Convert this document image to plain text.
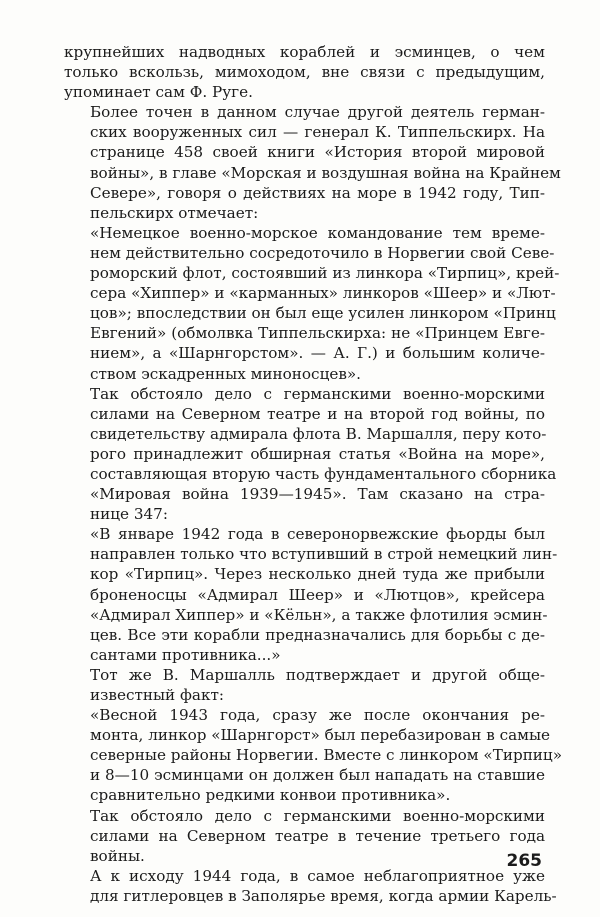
крупнейших надводных кораблей и эсминцев, о чем
только вскользь, мимоходом, вне связи с предыдущим,
упоминает сам Ф. Руге.
Более точен в данном случае другой деятель герман-
ских вооруженных сил — генерал К. Типпельскирх. На
странице 458 своей книги «История второй мировой
войны», в главе «Морская и воздушная война на Крайнем
Севере», говоря о действиях на море в 1942 году, Тип-
пельскирх отмечает:
«Немецкое военно-морское командование тем време-
нем действительно сосредоточило в Норвегии свой Севе-
роморский флот, состоявший из линкора «Тирпиц», крей-
сера «Хиппер» и «карманных» линкоров «Шеер» и «Лют-
цов»; впоследствии он был еще усилен линкором «Принц
Евгений» (обмолвка Типпельскирха: не «Принцем Евге-
нием», а «Шарнгорстом». — А. Г.) и большим количе-
ством эскадренных миноносцев».
Так обстояло дело с германскими военно-морскими
силами на Северном театре и на второй год войны, по
свидетельству адмирала флота В. Маршалля, перу кото-
рого принадлежит обширная статья «Война на море»,
составляющая вторую часть фундаментального сборника
«Мировая война 1939—1945». Там сказано на стра-
нице 347:
«В январе 1942 года в северонорвежские фьорды был
направлен только что вступивший в строй немецкий лин-
кор «Тирпиц». Через несколько дней туда же прибыли
броненосцы «Адмирал Шеер» и «Лютцов», крейсера
«Адмирал Хиппер» и «Кёльн», а также флотилия эсмин-
цев. Все эти корабли предназначались для борьбы с де-
сантами противника...»
Тот же В. Маршалль подтверждает и другой обще-
известный факт:
«Весной 1943 года, сразу же после окончания ре-
монта, линкор «Шарнгорст» был перебазирован в самые
северные районы Норвегии. Вместе с линкором «Тирпиц»
и 8—10 эсминцами он должен был нападать на ставшие
сравнительно редкими конвои противника».
Так обстояло дело с германскими военно-морскими
силами на Северном театре в течение третьего года
войны.
А к исходу 1944 года, в самое неблагоприятное уже
для гитлеровцев в Заполярье время, когда армии Карель-
265
